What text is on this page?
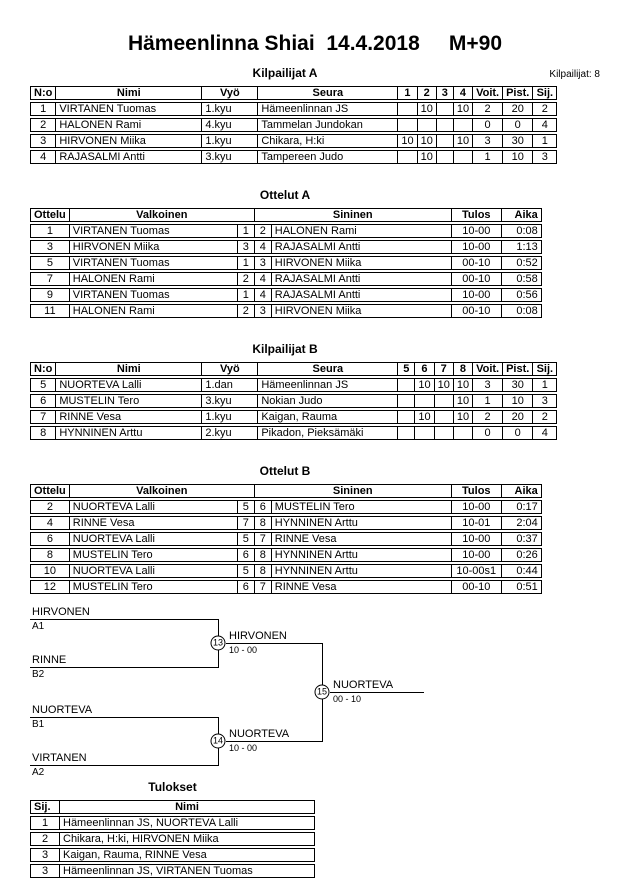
Hämeenlinna Shiai  14.4.2018     M+90
Kilpailijat A	Kilpailijat: 8
N:o	Nimi	Vyö	Seura	1	2	3	4	Voit.	Pist.	Sij.
1	VIRTANEN Tuomas	1.kyu	Hämeenlinnan JS		10		10	2	20	2
2	HALONEN Rami	4.kyu	Tammelan Jundokan					0	0	4
3	HIRVONEN Miika	1.kyu	Chikara, H:ki	10	10		10	3	30	1
4	RAJASALMI Antti	3.kyu	Tampereen Judo		10			1	10	3
Ottelut A
Ottelu	Valkoinen		Sininen		Tulos	Aika
1	VIRTANEN Tuomas	1	2	HALONEN Rami	10-00	0:08
3	HIRVONEN Miika	3	4	RAJASALMI Antti	10-00	1:13
5	VIRTANEN Tuomas	1	3	HIRVONEN Miika	00-10	0:52
7	HALONEN Rami	2	4	RAJASALMI Antti	00-10	0:58
9	VIRTANEN Tuomas	1	4	RAJASALMI Antti	10-00	0:56
11	HALONEN Rami	2	3	HIRVONEN Miika	00-10	0:08
Kilpailijat B
N:o	Nimi	Vyö	Seura	5	6	7	8	Voit.	Pist.	Sij.
5	NUORTEVA Lalli	1.dan	Hämeenlinnan JS		10	10	10	3	30	1
6	MUSTELIN Tero	3.kyu	Nokian Judo				10	1	10	3
7	RINNE Vesa	1.kyu	Kaigan, Rauma		10		10	2	20	2
8	HYNNINEN Arttu	2.kyu	Pikadon, Pieksämäki					0	0	4
Ottelut B
Ottelu	Valkoinen		Sininen		Tulos	Aika
2	NUORTEVA Lalli	5	6	MUSTELIN Tero	10-00	0:17
4	RINNE Vesa	7	8	HYNNINEN Arttu	10-01	2:04
6	NUORTEVA Lalli	5	7	RINNE Vesa	10-00	0:37
8	MUSTELIN Tero	6	8	HYNNINEN Arttu	10-00	0:26
10	NUORTEVA Lalli	5	8	HYNNINEN Arttu	10-00s1	0:44
12	MUSTELIN Tero	6	7	RINNE Vesa	00-10	0:51
HIRVONEN
A1
RINNE
B2
13
HIRVONEN
10 - 00
NUORTEVA
B1
VIRTANEN
A2
14
NUORTEVA
10 - 00
15
NUORTEVA
00 - 10
Tulokset
Sij.	Nimi
1	Hämeenlinnan JS, NUORTEVA Lalli
2	Chikara, H:ki, HIRVONEN Miika
3	Kaigan, Rauma, RINNE Vesa
3	Hämeenlinnan JS, VIRTANEN Tuomas
